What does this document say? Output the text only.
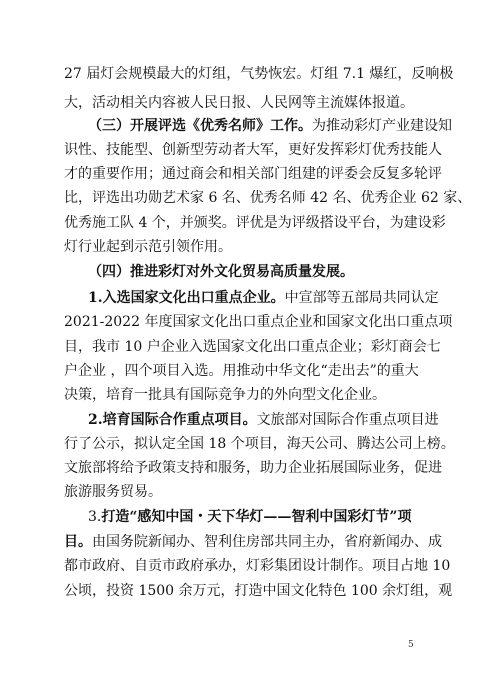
27 届灯会规模最大的灯组，气势恢宏。灯组 7.1 爆红，反响极
大，活动相关内容被人民日报、人民网等主流媒体报道。
（三）开展评选《优秀名师》工作。为推动彩灯产业建设知
识性、技能型、创新型劳动者大军，更好发挥彩灯优秀技能人
才的重要作用；通过商会和相关部门组建的评委会反复多轮评
比，评选出功勋艺术家 6 名、优秀名师 42 名、优秀企业 62 家、
优秀施工队 4 个，并颁奖。评优是为评级搭设平台，为建设彩
灯行业起到示范引领作用。
（四）推进彩灯对外文化贸易高质量发展。
1.入选国家文化出口重点企业。中宣部等五部局共同认定
2021-2022 年度国家文化出口重点企业和国家文化出口重点项
目，我市 10 户企业入选国家文化出口重点企业；彩灯商会七
户企业 ，四个项目入选。用推动中华文化“走出去”的重大
决策，培育一批具有国际竞争力的外向型文化企业。
2.培育国际合作重点项目。文旅部对国际合作重点项目进
行了公示，拟认定全国 18 个项目，海天公司、腾达公司上榜。
文旅部将给予政策支持和服务，助力企业拓展国际业务，促进
旅游服务贸易。
3.打造“感知中国・天下华灯——智利中国彩灯节”项
目。由国务院新闻办、智利住房部共同主办，省府新闻办、成
都市政府、自贡市政府承办，灯彩集团设计制作。项目占地 10
公顷，投资 1500 余万元，打造中国文化特色 100 余灯组，观
5
